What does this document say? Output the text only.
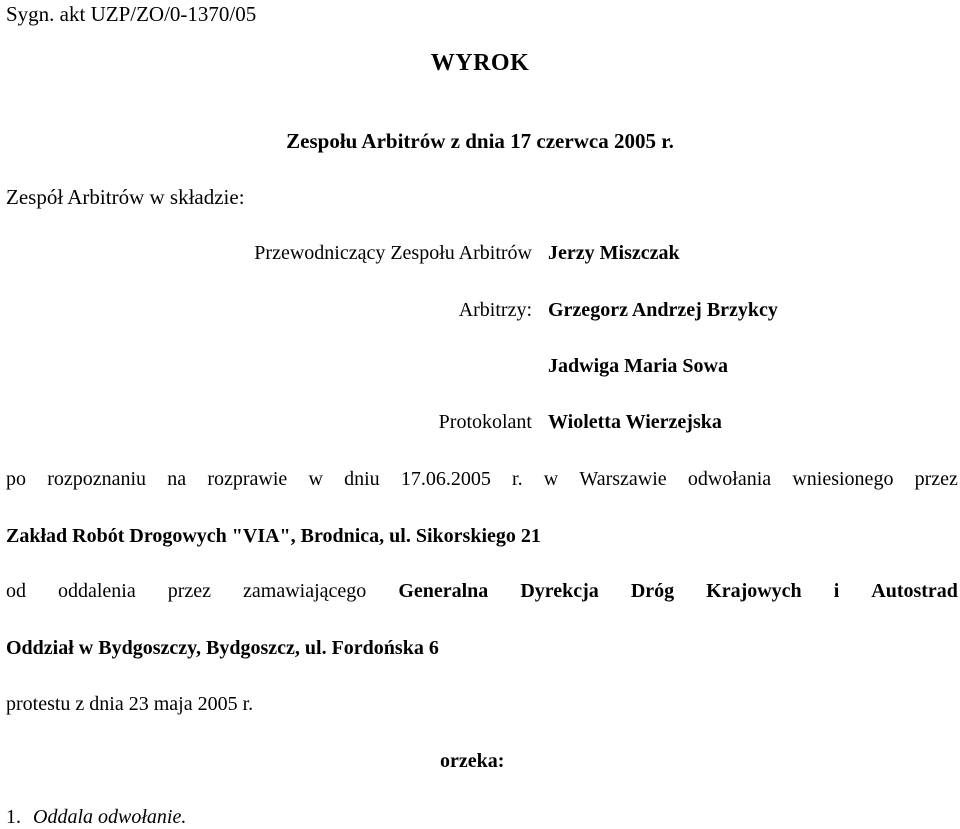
Sygn. akt UZP/ZO/0-1370/05
WYROK
Zespołu Arbitrów z dnia 17 czerwca 2005 r.
Zespół Arbitrów w składzie:
Przewodniczący Zespołu Arbitrów Jerzy Miszczak
Arbitrzy: Grzegorz Andrzej Brzykcy
Jadwiga Maria Sowa
Protokolant Wioletta Wierzejska
po rozpoznaniu na rozprawie w dniu 17.06.2005 r. w Warszawie odwołania wniesionego przez
Zakład Robót Drogowych "VIA", Brodnica, ul. Sikorskiego 21
od oddalenia przez zamawiającego Generalna Dyrekcja Dróg Krajowych i Autostrad
Oddział w Bydgoszczy, Bydgoszcz, ul. Fordońska 6
protestu z dnia 23 maja 2005 r.
orzeka:
1. Oddala odwołanie.
